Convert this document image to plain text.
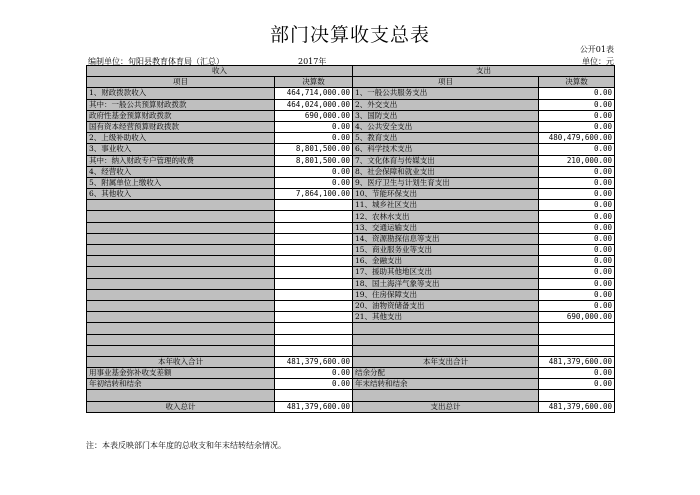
部门决算收支总表
公开01表
编制单位：旬阳县教育体育局（汇总）	2017年	单位：元
收入		支出	
项目	决算数	项目	决算数
1、财政拨款收入	464,714,000.00	1、一般公共服务支出	0.00
其中：一般公共预算财政拨款	464,024,000.00	2、外交支出	0.00
政府性基金预算财政拨款	690,000.00	3、国防支出	0.00
国有资本经营预算财政拨款	0.00	4、公共安全支出	0.00
2、上级补助收入	0.00	5、教育支出	480,479,600.00
3、事业收入	8,801,500.00	6、科学技术支出	0.00
其中：纳入财政专户管理的收费	8,801,500.00	7、文化体育与传媒支出	210,000.00
4、经营收入	0.00	8、社会保障和就业支出	0.00
5、附属单位上缴收入	0.00	9、医疗卫生与计划生育支出	0.00
6、其他收入	7,864,100.00	10、节能环保支出	0.00
		11、城乡社区支出	0.00
		12、农林水支出	0.00
		13、交通运输支出	0.00
		14、资源勘探信息等支出	0.00
		15、商业服务业等支出	0.00
		16、金融支出	0.00
		17、援助其他地区支出	0.00
		18、国土海洋气象等支出	0.00
		19、住房保障支出	0.00
		20、油物资储备支出	0.00
		21、其他支出	690,000.00

本年收入合计	481,379,600.00	本年支出合计	481,379,600.00
用事业基金弥补收支差额	0.00	结余分配	0.00
年初结转和结余	0.00	年末结转和结余	0.00

收入总计	481,379,600.00	支出总计	481,379,600.00
注：本表反映部门本年度的总收支和年末结转结余情况。
